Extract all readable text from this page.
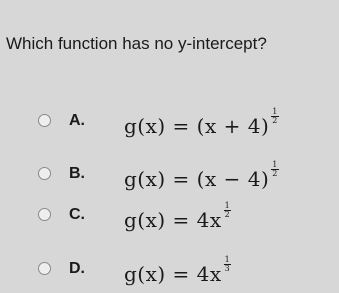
Which function has no y-intercept?
A. $g(x) = (x + 4) \frac{1}{2}$
B. $g(x) = (x - 4) \frac{1}{2}$
C. $g(x) = 4x \frac{1}{2}$
D. $g(x) = 4x \frac{1}{3}$
